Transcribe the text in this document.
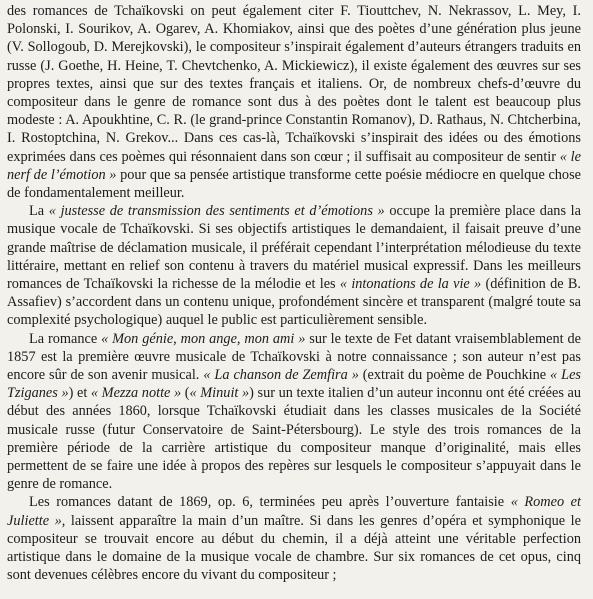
des romances de Tchaïkovski on peut également citer F. Tiouttchev, N. Nekrassov, L. Mey, I. Polonski, I. Sourikov, A. Ogarev, A. Khomiakov, ainsi que des poètes d’une génération plus jeune (V. Sollogoub, D. Merejkovski), le compositeur s’inspirait également d’auteurs étrangers traduits en russe (J. Goethe, H. Heine, T. Chevtchenko, A. Mickiewicz), il existe également des œuvres sur ses propres textes, ainsi que sur des textes français et italiens. Or, de nombreux chefs-d’œuvre du compositeur dans le genre de romance sont dus à des poètes dont le talent est beaucoup plus modeste : A. Apoukhtine, C. R. (le grand-prince Constantin Romanov), D. Rathaus, N. Chtcherbina, I. Rostoptchina, N. Grekov... Dans ces cas-là, Tchaïkovski s’inspirait des idées ou des émotions exprimées dans ces poèmes qui résonnaient dans son cœur ; il suffisait au compositeur de sentir « le nerf de l’émotion » pour que sa pensée artistique transforme cette poésie médiocre en quelque chose de fondamentalement meilleur.

La « justesse de transmission des sentiments et d’émotions » occupe la première place dans la musique vocale de Tchaïkovski. Si ses objectifs artistiques le demandaient, il faisait preuve d’une grande maîtrise de déclamation musicale, il préférait cependant l’interprétation mélodieuse du texte littéraire, mettant en relief son contenu à travers du matériel musical expressif. Dans les meilleurs romances de Tchaïkovski la richesse de la mélodie et les « intonations de la vie » (définition de B. Assafiev) s’accordent dans un contenu unique, profondément sincère et transparent (malgré toute sa complexité psychologique) auquel le public est particulièrement sensible.

La romance « Mon génie, mon ange, mon ami » sur le texte de Fet datant vraisemblablement de 1857 est la première œuvre musicale de Tchaïkovski à notre connaissance ; son auteur n’est pas encore sûr de son avenir musical. « La chanson de Zemfira » (extrait du poème de Pouchkine « Les Tziganes ») et « Mezza notte » (« Minuit ») sur un texte italien d’un auteur inconnu ont été créées au début des années 1860, lorsque Tchaïkovski étudiait dans les classes musicales de la Société musicale russe (futur Conservatoire de Saint-Pétersbourg). Le style des trois romances de la première période de la carrière artistique du compositeur manque d’originalité, mais elles permettent de se faire une idée à propos des repères sur lesquels le compositeur s’appuyait dans le genre de romance.

Les romances datant de 1869, op. 6, terminées peu après l’ouverture fantaisie « Romeo et Juliette », laissent apparaître la main d’un maître. Si dans les genres d’opéra et symphonique le compositeur se trouvait encore au début du chemin, il a déjà atteint une véritable perfection artistique dans le domaine de la musique vocale de chambre. Sur six romances de cet opus, cinq sont devenues célèbres encore du vivant du compositeur ;
